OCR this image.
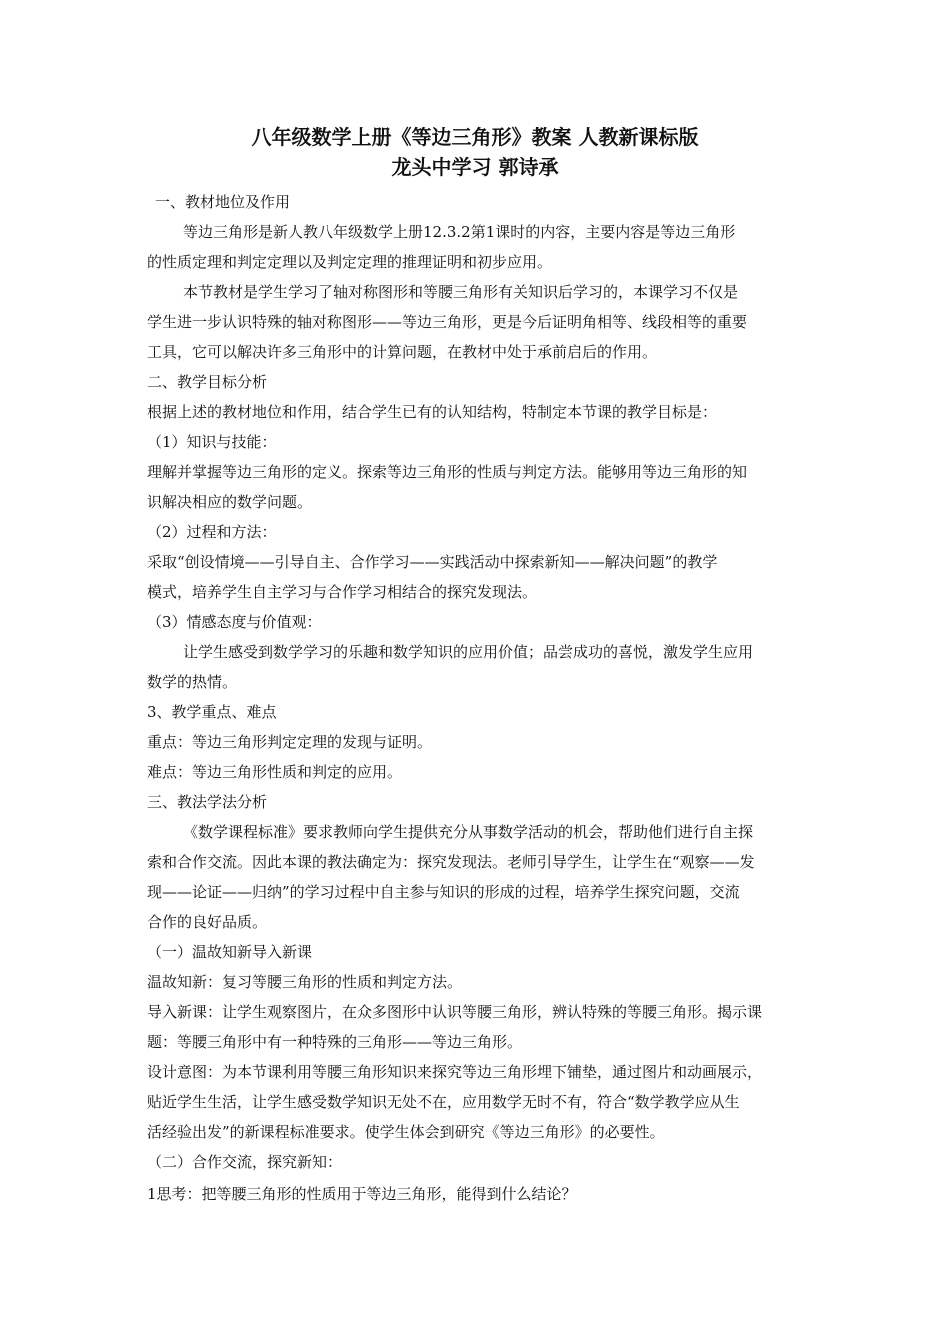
八年级数学上册《等边三角形》教案 人教新课标版

龙头中学习 郭诗承

一、教材地位及作用

等边三角形是新人教八年级数学上册12.3.2第1课时的内容，主要内容是等边三角形

的性质定理和判定定理以及判定定理的推理证明和初步应用。

本节教材是学生学习了轴对称图形和等腰三角形有关知识后学习的，本课学习不仅是

学生进一步认识特殊的轴对称图形——等边三角形，更是今后证明角相等、线段相等的重要

工具，它可以解决许多三角形中的计算问题，在教材中处于承前启后的作用。

二、教学目标分析

根据上述的教材地位和作用，结合学生已有的认知结构，特制定本节课的教学目标是：

（1）知识与技能：

理解并掌握等边三角形的定义。探索等边三角形的性质与判定方法。能够用等边三角形的知

识解决相应的数学问题。

（2）过程和方法：

采取“创设情境——引导自主、合作学习——实践活动中探索新知——解决问题”的教学

模式，培养学生自主学习与合作学习相结合的探究发现法。

（3）情感态度与价值观：

让学生感受到数学学习的乐趣和数学知识的应用价值；品尝成功的喜悦，激发学生应用

数学的热情。

3、教学重点、难点

重点：等边三角形判定定理的发现与证明。

难点：等边三角形性质和判定的应用。

三、教法学法分析

《数学课程标准》要求教师向学生提供充分从事数学活动的机会，帮助他们进行自主探

索和合作交流。因此本课的教法确定为：探究发现法。老师引导学生，让学生在“观察——发

现——论证——归纳”的学习过程中自主参与知识的形成的过程，培养学生探究问题，交流

合作的良好品质。

（一）温故知新导入新课

温故知新：复习等腰三角形的性质和判定方法。

导入新课：让学生观察图片，在众多图形中认识等腰三角形，辨认特殊的等腰三角形。揭示课

题：等腰三角形中有一种特殊的三角形——等边三角形。

设计意图：为本节课利用等腰三角形知识来探究等边三角形埋下铺垫，通过图片和动画展示，

贴近学生生活，让学生感受数学知识无处不在，应用数学无时不有，符合“数学教学应从生

活经验出发”的新课程标准要求。使学生体会到研究《等边三角形》的必要性。

（二）合作交流，探究新知：

1思考：把等腰三角形的性质用于等边三角形，能得到什么结论？
